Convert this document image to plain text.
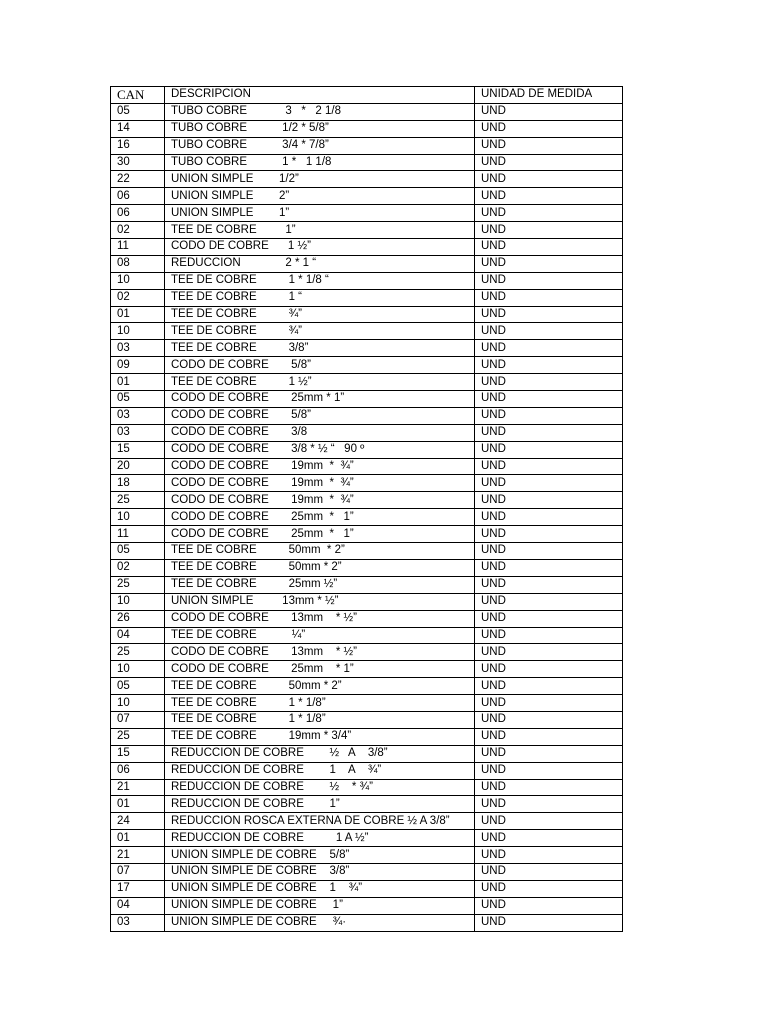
CAN	DESCRIPCION	UNIDAD DE MEDIDA
05	TUBO COBRE            3   *   2 1/8	UND
14	TUBO COBRE           1/2 * 5/8”	UND
16	TUBO COBRE           3/4 * 7/8”	UND
30	TUBO COBRE           1 *   1 1/8	UND
22	UNION SIMPLE        1/2”	UND
06	UNION SIMPLE        2”	UND
06	UNION SIMPLE        1”	UND
02	TEE DE COBRE         1”	UND
11	CODO DE COBRE      1 ½”	UND
08	REDUCCION              2 * 1 “	UND
10	TEE DE COBRE          1 * 1/8 “	UND
02	TEE DE COBRE          1 “	UND
01	TEE DE COBRE          ¾”	UND
10	TEE DE COBRE          ¾”	UND
03	TEE DE COBRE          3/8”	UND
09	CODO DE COBRE       5/8”	UND
01	TEE DE COBRE          1 ½”	UND
05	CODO DE COBRE       25mm * 1”	UND
03	CODO DE COBRE       5/8”	UND
03	CODO DE COBRE       3/8	UND
15	CODO DE COBRE       3/8 * ½ “   90 º	UND
20	CODO DE COBRE       19mm  *  ¾”	UND
18	CODO DE COBRE       19mm  *  ¾”	UND
25	CODO DE COBRE       19mm  *  ¾”	UND
10	CODO DE COBRE       25mm  *   1”	UND
11	CODO DE COBRE       25mm  *   1”	UND
05	TEE DE COBRE          50mm  * 2”	UND
02	TEE DE COBRE          50mm * 2”	UND
25	TEE DE COBRE          25mm ½”	UND
10	UNION SIMPLE         13mm * ½”	UND
26	CODO DE COBRE       13mm    * ½”	UND
04	TEE DE COBRE           ¼”	UND
25	CODO DE COBRE       13mm    * ½”	UND
10	CODO DE COBRE       25mm    * 1”	UND
05	TEE DE COBRE          50mm * 2”	UND
10	TEE DE COBRE          1 * 1/8”	UND
07	TEE DE COBRE          1 * 1/8”	UND
25	TEE DE COBRE          19mm * 3/4”	UND
15	REDUCCION DE COBRE        ½   A    3/8”	UND
06	REDUCCION DE COBRE        1    A    ¾”	UND
21	REDUCCION DE COBRE        ½    * ¾”	UND
01	REDUCCION DE COBRE        1”	UND
24	REDUCCION ROSCA EXTERNA DE COBRE ½ A 3/8”	UND
01	REDUCCION DE COBRE          1 A ½”	UND
21	UNION SIMPLE DE COBRE    5/8”	UND
07	UNION SIMPLE DE COBRE    3/8”	UND
17	UNION SIMPLE DE COBRE    1    ¾”	UND
04	UNION SIMPLE DE COBRE     1”	UND
03	UNION SIMPLE DE COBRE     ¾·	UND
